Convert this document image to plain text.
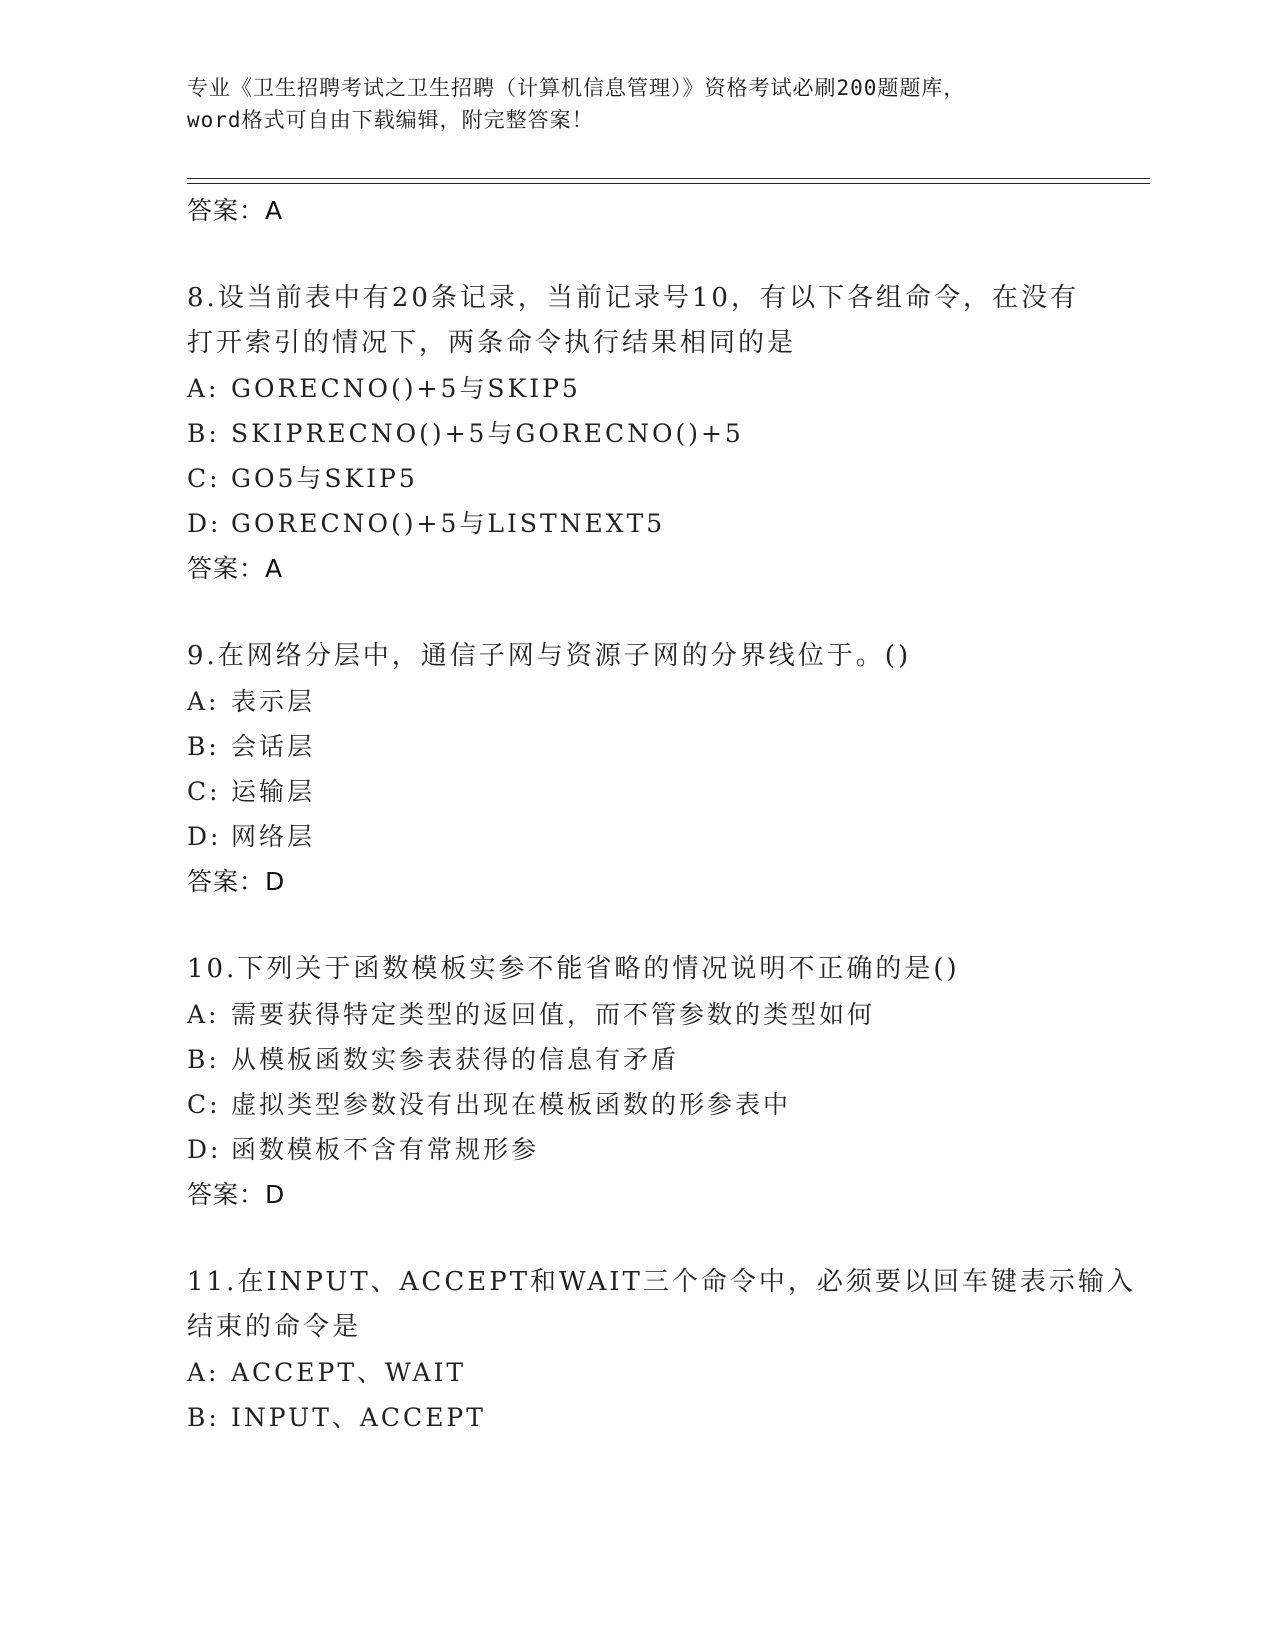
专业《卫生招聘考试之卫生招聘（计算机信息管理）》资格考试必刷200题题库，
word格式可自由下载编辑，附完整答案！
答案：A
8.设当前表中有20条记录，当前记录号10，有以下各组命令，在没有
打开索引的情况下，两条命令执行结果相同的是
A: GORECNO()+5与SKIP5
B: SKIPRECNO()+5与GORECNO()+5
C: GO5与SKIP5
D: GORECNO()+5与LISTNEXT5
答案：A
9.在网络分层中，通信子网与资源子网的分界线位于。()
A: 表示层
B: 会话层
C: 运输层
D: 网络层
答案：D
10.下列关于函数模板实参不能省略的情况说明不正确的是()
A: 需要获得特定类型的返回值，而不管参数的类型如何
B: 从模板函数实参表获得的信息有矛盾
C: 虚拟类型参数没有出现在模板函数的形参表中
D: 函数模板不含有常规形参
答案：D
11.在INPUT、ACCEPT和WAIT三个命令中，必须要以回车键表示输入
结束的命令是
A: ACCEPT、WAIT
B: INPUT、ACCEPT
